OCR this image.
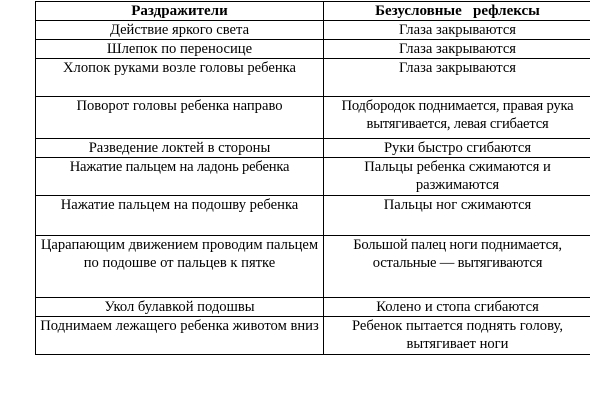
Раздражители	Безусловные   рефлексы
Действие яркого света	Глаза закрываются
Шлепок по переносице	Глаза закрываются
Хлопок руками возле головы ребенка	Глаза закрываются
Поворот головы ребенка направо	Подбородок поднимается, правая рука вытягивается, левая сгибается
Разведение локтей в стороны	Руки быстро сгибаются
Нажатие пальцем на ладонь ребенка	Пальцы ребенка сжимаются и разжимаются
Нажатие пальцем на подошву ребенка	Пальцы ног сжимаются
Царапающим движением проводим пальцем по подошве от пальцев к пятке	Большой палец ноги поднимается, остальные — вытягиваются
Укол булавкой подошвы	Колено и стопа сгибаются
Поднимаем лежащего ребенка животом вниз	Ребенок пытается поднять голову, вытягивает ноги
